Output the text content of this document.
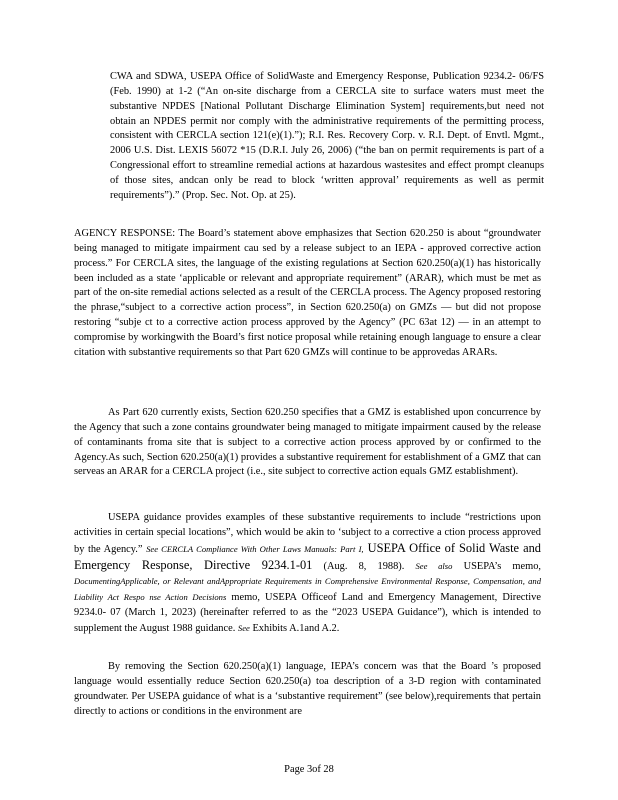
CWA and SDWA, USEPA Office of SolidWaste and Emergency Response, Publication 9234.2- 06/FS (Feb. 1990) at 1-2 (“An on-site discharge from a CERCLA site to surface waters must meet the substantive NPDES [National Pollutant Discharge Elimination System] requirements,but need not obtain an NPDES permit nor comply with the administrative requirements of the permitting process, consistent with CERCLA section 121(e)(1).”); R.I. Res. Recovery Corp. v. R.I. Dept. of Envtl. Mgmt., 2006 U.S. Dist. LEXIS 56072 *15 (D.R.I. July 26, 2006) (“the ban on permit requirements is part of a Congressional effort to streamline remedial actions at hazardous wastesites and effect prompt cleanups of those sites, andcan only be read to block ‘written approval’ requirements as well as permit requirements”).” (Prop. Sec. Not. Op. at 25).

AGENCY RESPONSE: The Board’s statement above emphasizes that Section 620.250 is about “groundwater being managed to mitigate impairment cau sed by a release subject to an IEPA - approved corrective action process.” For CERCLA sites, the language of the existing regulations at Section 620.250(a)(1) has historically been included as a state ‘applicable or relevant and appropriate requirement” (ARAR), which must be met as part of the on-site remedial actions selected as a result of the CERCLA process. The Agency proposed restoring the phrase,“subject to a corrective action process”, in Section 620.250(a) on GMZs — but did not propose restoring “subje ct to a corrective action process approved by the Agency” (PC 63at 12) — in an attempt to compromise by workingwith the Board’s first notice proposal while retaining enough language to ensure a clear citation with substantive requirements so that Part 620 GMZs will continue to be approvedas ARARs.

As Part 620 currently exists, Section 620.250 specifies that a GMZ is established upon concurrence by the Agency that such a zone contains groundwater being managed to mitigate impairment caused by the release of contaminants froma site that is subject to a corrective action process approved by or confirmed to the Agency.As such, Section 620.250(a)(1) provides a substantive requirement for establishment of a GMZ that can serveas an ARAR for a CERCLA project (i.e., site subject to corrective action equals GMZ establishment).

USEPA guidance provides examples of these substantive requirements to include “restrictions upon activities in certain special locations”, which would be akin to ‘subject to a corrective a ction process approved by the Agency.” See CERCLA Compliance With Other Laws Manuals: Part I, USEPA Office of Solid Waste and Emergency Response, Directive 9234.1-01 (Aug. 8, 1988). See also USEPA’s memo, DocumentingApplicable, or Relevant andAppropriate Requirements in Comprehensive Environmental Response, Compensation, and Liability Act Respo nse Action Decisions memo, USEPA Officeof Land and Emergency Management, Directive 9234.0- 07 (March 1, 2023) (hereinafter referred to as the “2023 USEPA Guidance”), which is intended to supplement the August 1988 guidance. See Exhibits A.1and A.2.

By removing the Section 620.250(a)(1) language, IEPA’s concern was that the Board ’s proposed language would essentially reduce Section 620.250(a) toa description of a 3-D region with contaminated groundwater. Per USEPA guidance of what is a ‘substantive requirement” (see below),requirements that pertain directly to actions or conditions in the environment are

Page 3of 28
